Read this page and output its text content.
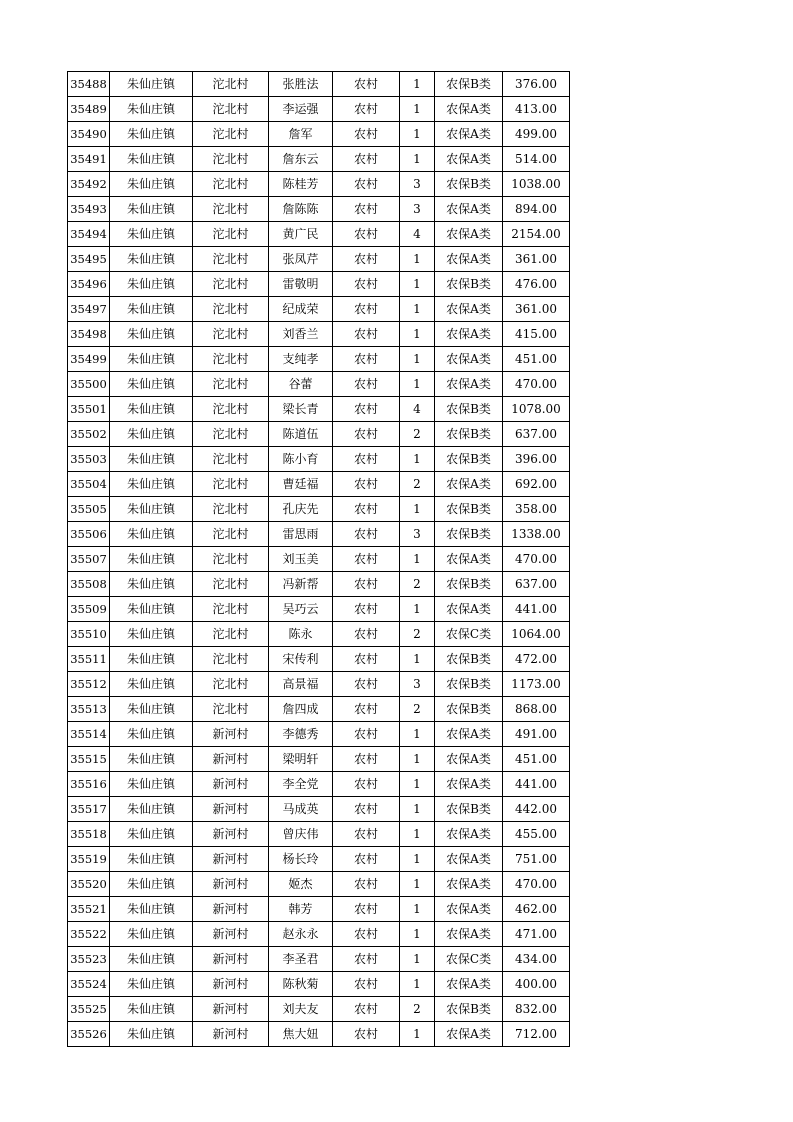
35488	朱仙庄镇	沱北村	张胜法	农村	1	农保B类	376.00
35489	朱仙庄镇	沱北村	李运强	农村	1	农保A类	413.00
35490	朱仙庄镇	沱北村	詹军	农村	1	农保A类	499.00
35491	朱仙庄镇	沱北村	詹东云	农村	1	农保A类	514.00
35492	朱仙庄镇	沱北村	陈桂芳	农村	3	农保B类	1038.00
35493	朱仙庄镇	沱北村	詹陈陈	农村	3	农保A类	894.00
35494	朱仙庄镇	沱北村	黄广民	农村	4	农保A类	2154.00
35495	朱仙庄镇	沱北村	张凤芹	农村	1	农保A类	361.00
35496	朱仙庄镇	沱北村	雷敬明	农村	1	农保B类	476.00
35497	朱仙庄镇	沱北村	纪成荣	农村	1	农保A类	361.00
35498	朱仙庄镇	沱北村	刘香兰	农村	1	农保A类	415.00
35499	朱仙庄镇	沱北村	支纯孝	农村	1	农保A类	451.00
35500	朱仙庄镇	沱北村	谷蕾	农村	1	农保A类	470.00
35501	朱仙庄镇	沱北村	梁长青	农村	4	农保B类	1078.00
35502	朱仙庄镇	沱北村	陈道伍	农村	2	农保B类	637.00
35503	朱仙庄镇	沱北村	陈小育	农村	1	农保B类	396.00
35504	朱仙庄镇	沱北村	曹廷福	农村	2	农保A类	692.00
35505	朱仙庄镇	沱北村	孔庆先	农村	1	农保B类	358.00
35506	朱仙庄镇	沱北村	雷思雨	农村	3	农保B类	1338.00
35507	朱仙庄镇	沱北村	刘玉美	农村	1	农保A类	470.00
35508	朱仙庄镇	沱北村	冯新帮	农村	2	农保B类	637.00
35509	朱仙庄镇	沱北村	吴巧云	农村	1	农保A类	441.00
35510	朱仙庄镇	沱北村	陈永	农村	2	农保C类	1064.00
35511	朱仙庄镇	沱北村	宋传利	农村	1	农保B类	472.00
35512	朱仙庄镇	沱北村	高景福	农村	3	农保B类	1173.00
35513	朱仙庄镇	沱北村	詹四成	农村	2	农保B类	868.00
35514	朱仙庄镇	新河村	李德秀	农村	1	农保A类	491.00
35515	朱仙庄镇	新河村	梁明轩	农村	1	农保A类	451.00
35516	朱仙庄镇	新河村	李全党	农村	1	农保A类	441.00
35517	朱仙庄镇	新河村	马成英	农村	1	农保B类	442.00
35518	朱仙庄镇	新河村	曾庆伟	农村	1	农保A类	455.00
35519	朱仙庄镇	新河村	杨长玲	农村	1	农保A类	751.00
35520	朱仙庄镇	新河村	姬杰	农村	1	农保A类	470.00
35521	朱仙庄镇	新河村	韩芳	农村	1	农保A类	462.00
35522	朱仙庄镇	新河村	赵永永	农村	1	农保A类	471.00
35523	朱仙庄镇	新河村	李圣君	农村	1	农保C类	434.00
35524	朱仙庄镇	新河村	陈秋菊	农村	1	农保A类	400.00
35525	朱仙庄镇	新河村	刘夫友	农村	2	农保B类	832.00
35526	朱仙庄镇	新河村	焦大妞	农村	1	农保A类	712.00
